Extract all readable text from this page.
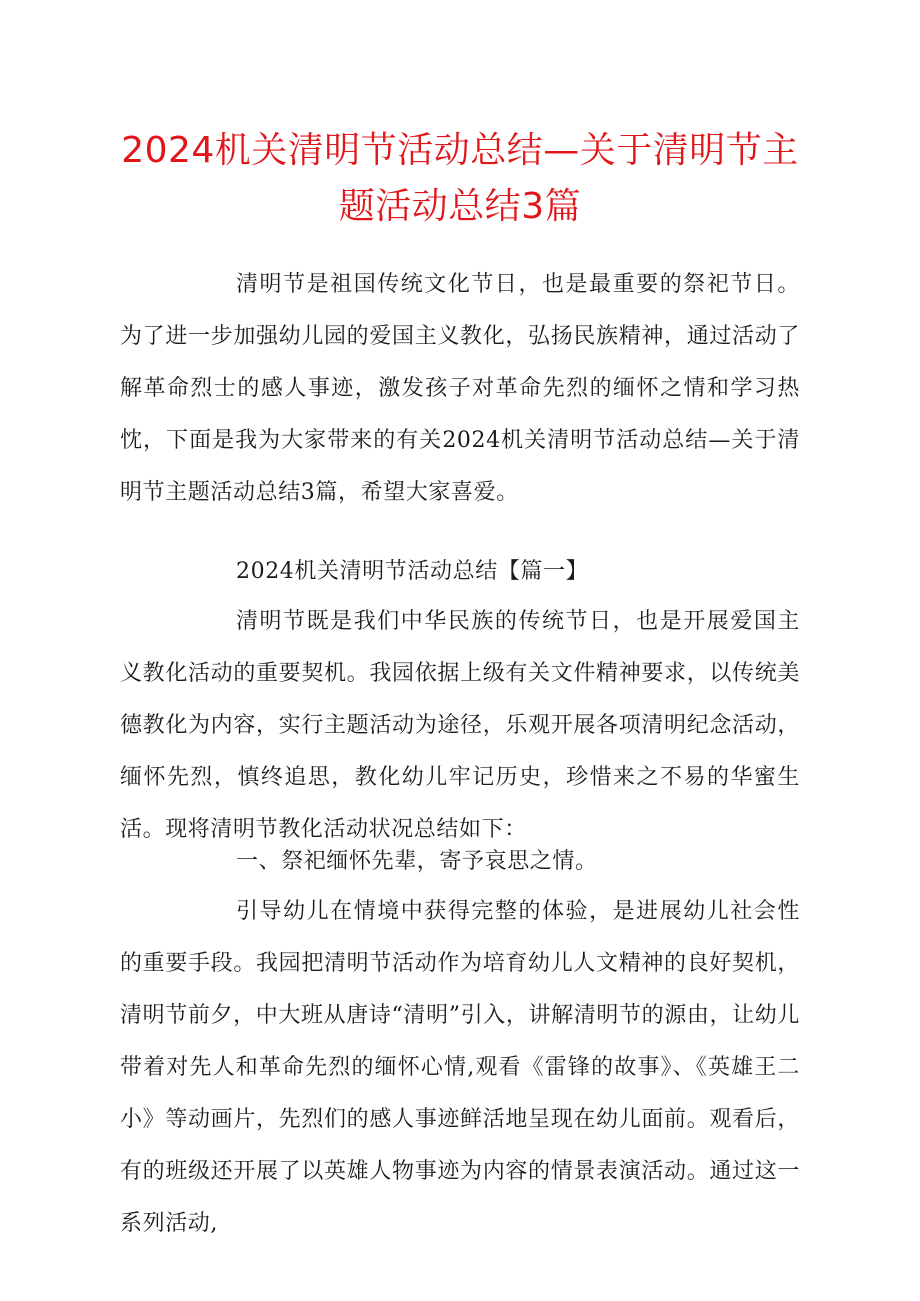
2024机关清明节活动总结—关于清明节主题活动总结3篇

清明节是祖国传统文化节日，也是最重要的祭祀节日。为了进一步加强幼儿园的爱国主义教化，弘扬民族精神，通过活动了解革命烈士的感人事迹，激发孩子对革命先烈的缅怀之情和学习热忱，下面是我为大家带来的有关2024机关清明节活动总结—关于清明节主题活动总结3篇，希望大家喜爱。

2024机关清明节活动总结【篇一】

清明节既是我们中华民族的传统节日，也是开展爱国主义教化活动的重要契机。我园依据上级有关文件精神要求，以传统美德教化为内容，实行主题活动为途径，乐观开展各项清明纪念活动，缅怀先烈，慎终追思，教化幼儿牢记历史，珍惜来之不易的华蜜生活。现将清明节教化活动状况总结如下：

一、祭祀缅怀先辈，寄予哀思之情。

引导幼儿在情境中获得完整的体验，是进展幼儿社会性的重要手段。我园把清明节活动作为培育幼儿人文精神的良好契机，清明节前夕，中大班从唐诗“清明”引入，讲解清明节的源由，让幼儿带着对先人和革命先烈的缅怀心情,观看《雷锋的故事》、《英雄王二小》等动画片，先烈们的感人事迹鲜活地呈现在幼儿面前。观看后，有的班级还开展了以英雄人物事迹为内容的情景表演活动。通过这一系列活动,
